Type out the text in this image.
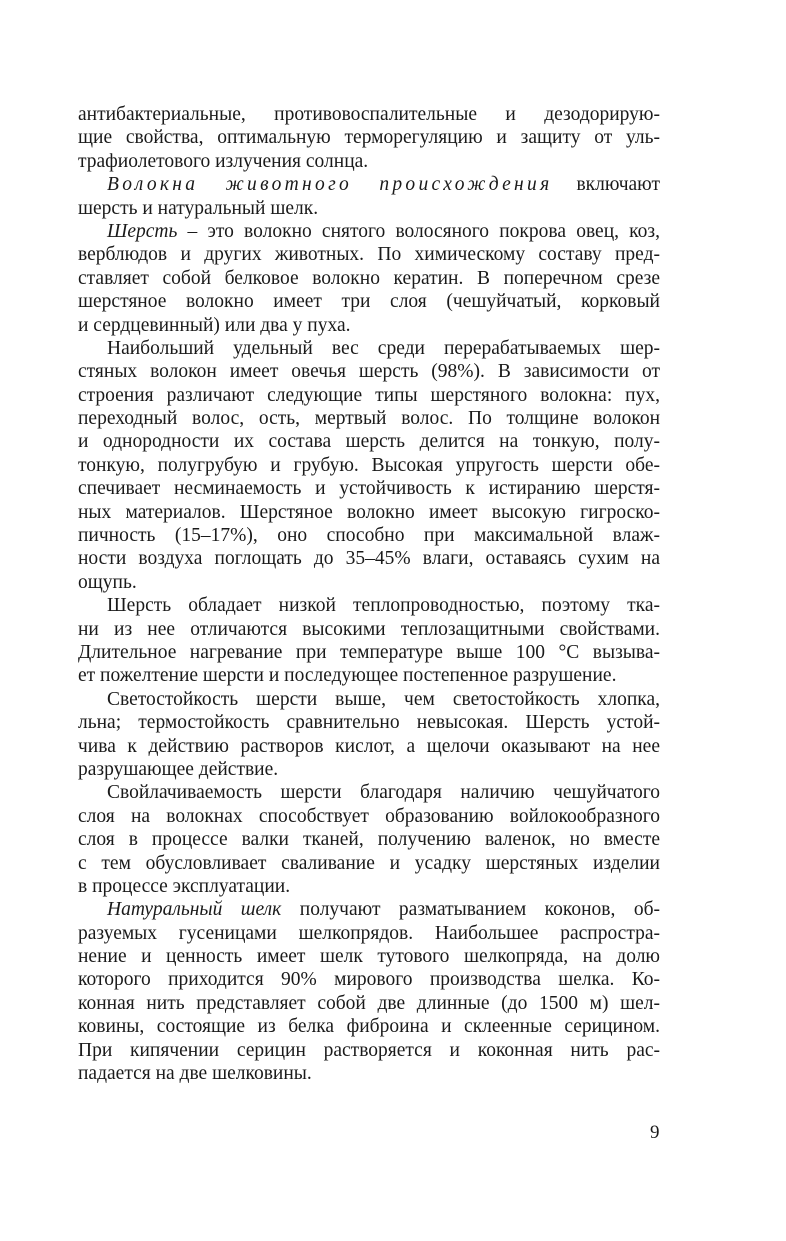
антибактериальные, противовоспалительные и дезодорирую-
щие свойства, оптимальную терморегуляцию и защиту от уль-
трафиолетового излучения солнца.
Волокна животного происхождения включают
шерсть и натуральный шелк.
Шерсть – это волокно снятого волосяного покрова овец, коз,
верблюдов и других животных. По химическому составу пред-
ставляет собой белковое волокно кератин. В поперечном срезе
шерстяное волокно имеет три слоя (чешуйчатый, корковый
и сердцевинный) или два у пуха.
Наибольший удельный вес среди перерабатываемых шер-
стяных волокон имеет овечья шерсть (98%). В зависимости от
строения различают следующие типы шерстяного волокна: пух,
переходный волос, ость, мертвый волос. По толщине волокон
и однородности их состава шерсть делится на тонкую, полу-
тонкую, полугрубую и грубую. Высокая упругость шерсти обе-
спечивает несминаемость и устойчивость к истиранию шерстя-
ных материалов. Шерстяное волокно имеет высокую гигроско-
пичность (15–17%), оно способно при максимальной влаж-
ности воздуха поглощать до 35–45% влаги, оставаясь сухим на
ощупь.
Шерсть обладает низкой теплопроводностью, поэтому тка-
ни из нее отличаются высокими теплозащитными свойствами.
Длительное нагревание при температуре выше 100 °С вызыва-
ет пожелтение шерсти и последующее постепенное разрушение.
Светостойкость шерсти выше, чем светостойкость хлопка,
льна; термостойкость сравнительно невысокая. Шерсть устой-
чива к действию растворов кислот, а щелочи оказывают на нее
разрушающее действие.
Свойлачиваемость шерсти благодаря наличию чешуйчатого
слоя на волокнах способствует образованию войлокообразного
слоя в процессе валки тканей, получению валенок, но вместе
с тем обусловливает сваливание и усадку шерстяных изделии
в процессе эксплуатации.
Натуральный шелк получают разматыванием коконов, об-
разуемых гусеницами шелкопрядов. Наибольшее распростра-
нение и ценность имеет шелк тутового шелкопряда, на долю
которого приходится 90% мирового производства шелка. Ко-
конная нить представляет собой две длинные (до 1500 м) шел-
ковины, состоящие из белка фиброина и склеенные серицином.
При кипячении серицин растворяется и коконная нить рас-
падается на две шелковины.
9
